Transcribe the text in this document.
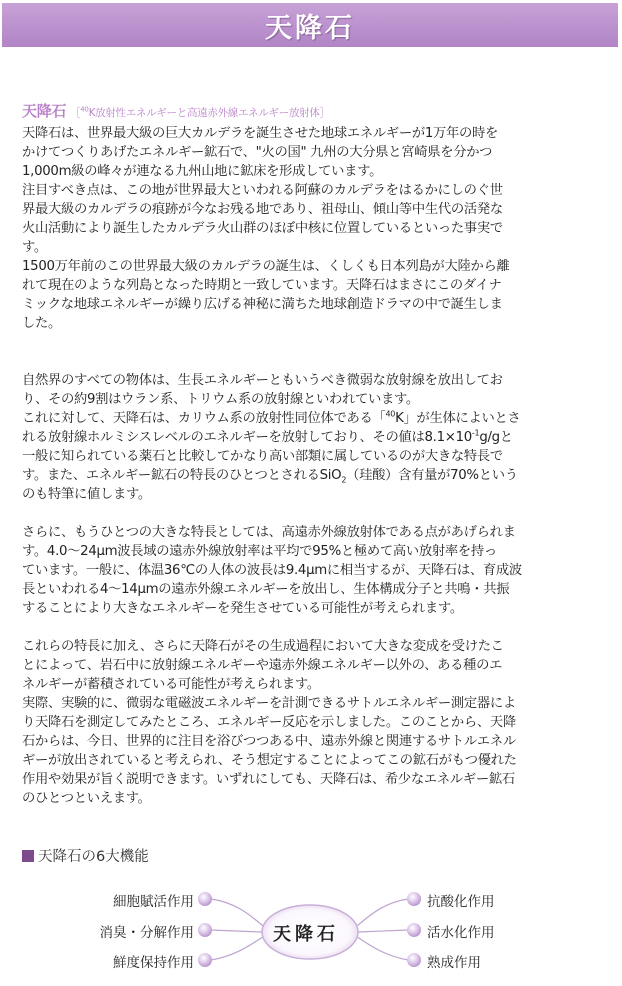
天降石
天降石 ［$^{40}$K放射性エネルギーと高遠赤外線エネルギー放射体］

天降石は、世界最大級の巨大カルデラを誕生させた地球エネルギーが1万年の時を

かけてつくりあげたエネルギー鉱石で、"火の国" 九州の大分県と宮崎県を分かつ

1,000m級の峰々が連なる九州山地に鉱床を形成しています。

注目すべき点は、この地が世界最大といわれる阿蘇のカルデラをはるかにしのぐ世

界最大級のカルデラの痕跡が今なお残る地であり、祖母山、傾山等中生代の活発な

火山活動により誕生したカルデラ火山群のほぼ中核に位置しているといった事実で

す。

1500万年前のこの世界最大級のカルデラの誕生は、くしくも日本列島が大陸から離

れて現在のような列島となった時期と一致しています。天降石はまさにこのダイナ

ミックな地球エネルギーが繰り広げる神秘に満ちた地球創造ドラマの中で誕生しま

した。

自然界のすべての物体は、生長エネルギーともいうべき微弱な放射線を放出してお

り、その約9割はウラン系、トリウム系の放射線といわれています。

これに対して、天降石は、カリウム系の放射性同位体である「$^{40}$K」が生体によいとさ

れる放射線ホルミシスレベルのエネルギーを放射しており、その値は$8.1\times 10^{-1}g/g$と

一般に知られている薬石と比較してかなり高い部類に属しているのが大きな特長で

す。また、エネルギー鉱石の特長のひとつとされるSiO$_2$（珪酸）含有量が70%という

のも特筆に値します。

さらに、もうひとつの大きな特長としては、高遠赤外線放射体である点があげられま

す。4.0〜24μm波長域の遠赤外線放射率は平均で95%と極めて高い放射率を持っ

ています。一般に、体温36℃の人体の波長は9.4μmに相当するが、天降石は、育成波

長といわれる4〜14μmの遠赤外線エネルギーを放出し、生体構成分子と共鳴・共振

することにより大きなエネルギーを発生させている可能性が考えられます。

これらの特長に加え、さらに天降石がその生成過程において大きな変成を受けたこ

とによって、岩石中に放射線エネルギーや遠赤外線エネルギー以外の、ある種のエ

ネルギーが蓄積されている可能性が考えられます。

実際、実験的に、微弱な電磁波エネルギーを計測できるサトルエネルギー測定器によ

り天降石を測定してみたところ、エネルギー反応を示しました。このことから、天降

石からは、今日、世界的に注目を浴びつつある中、遠赤外線と関連するサトルエネル

ギーが放出されていると考えられ、そう想定することによってこの鉱石がもつ優れた

作用や効果が旨く説明できます。いずれにしても、天降石は、希少なエネルギー鉱石

のひとつといえます。

天降石の6大機能
天降石
細胞賦活作用
消臭・分解作用
鮮度保持作用
抗酸化作用
活水化作用
熟成作用
